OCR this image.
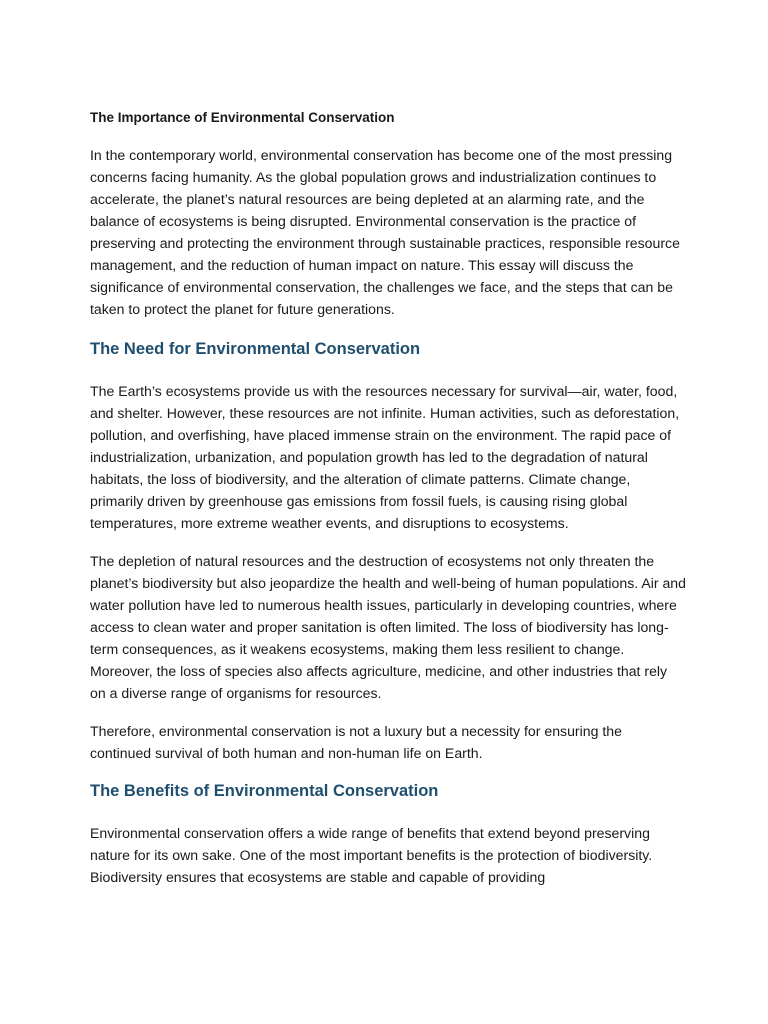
The Importance of Environmental Conservation

In the contemporary world, environmental conservation has become one of the most pressing concerns facing humanity. As the global population grows and industrialization continues to accelerate, the planet’s natural resources are being depleted at an alarming rate, and the balance of ecosystems is being disrupted. Environmental conservation is the practice of preserving and protecting the environment through sustainable practices, responsible resource management, and the reduction of human impact on nature. This essay will discuss the significance of environmental conservation, the challenges we face, and the steps that can be taken to protect the planet for future generations.

The Need for Environmental Conservation

The Earth’s ecosystems provide us with the resources necessary for survival—air, water, food, and shelter. However, these resources are not infinite. Human activities, such as deforestation, pollution, and overfishing, have placed immense strain on the environment. The rapid pace of industrialization, urbanization, and population growth has led to the degradation of natural habitats, the loss of biodiversity, and the alteration of climate patterns. Climate change, primarily driven by greenhouse gas emissions from fossil fuels, is causing rising global temperatures, more extreme weather events, and disruptions to ecosystems.

The depletion of natural resources and the destruction of ecosystems not only threaten the planet’s biodiversity but also jeopardize the health and well-being of human populations. Air and water pollution have led to numerous health issues, particularly in developing countries, where access to clean water and proper sanitation is often limited. The loss of biodiversity has long-term consequences, as it weakens ecosystems, making them less resilient to change. Moreover, the loss of species also affects agriculture, medicine, and other industries that rely on a diverse range of organisms for resources.

Therefore, environmental conservation is not a luxury but a necessity for ensuring the continued survival of both human and non-human life on Earth.

The Benefits of Environmental Conservation

Environmental conservation offers a wide range of benefits that extend beyond preserving nature for its own sake. One of the most important benefits is the protection of biodiversity. Biodiversity ensures that ecosystems are stable and capable of providing
